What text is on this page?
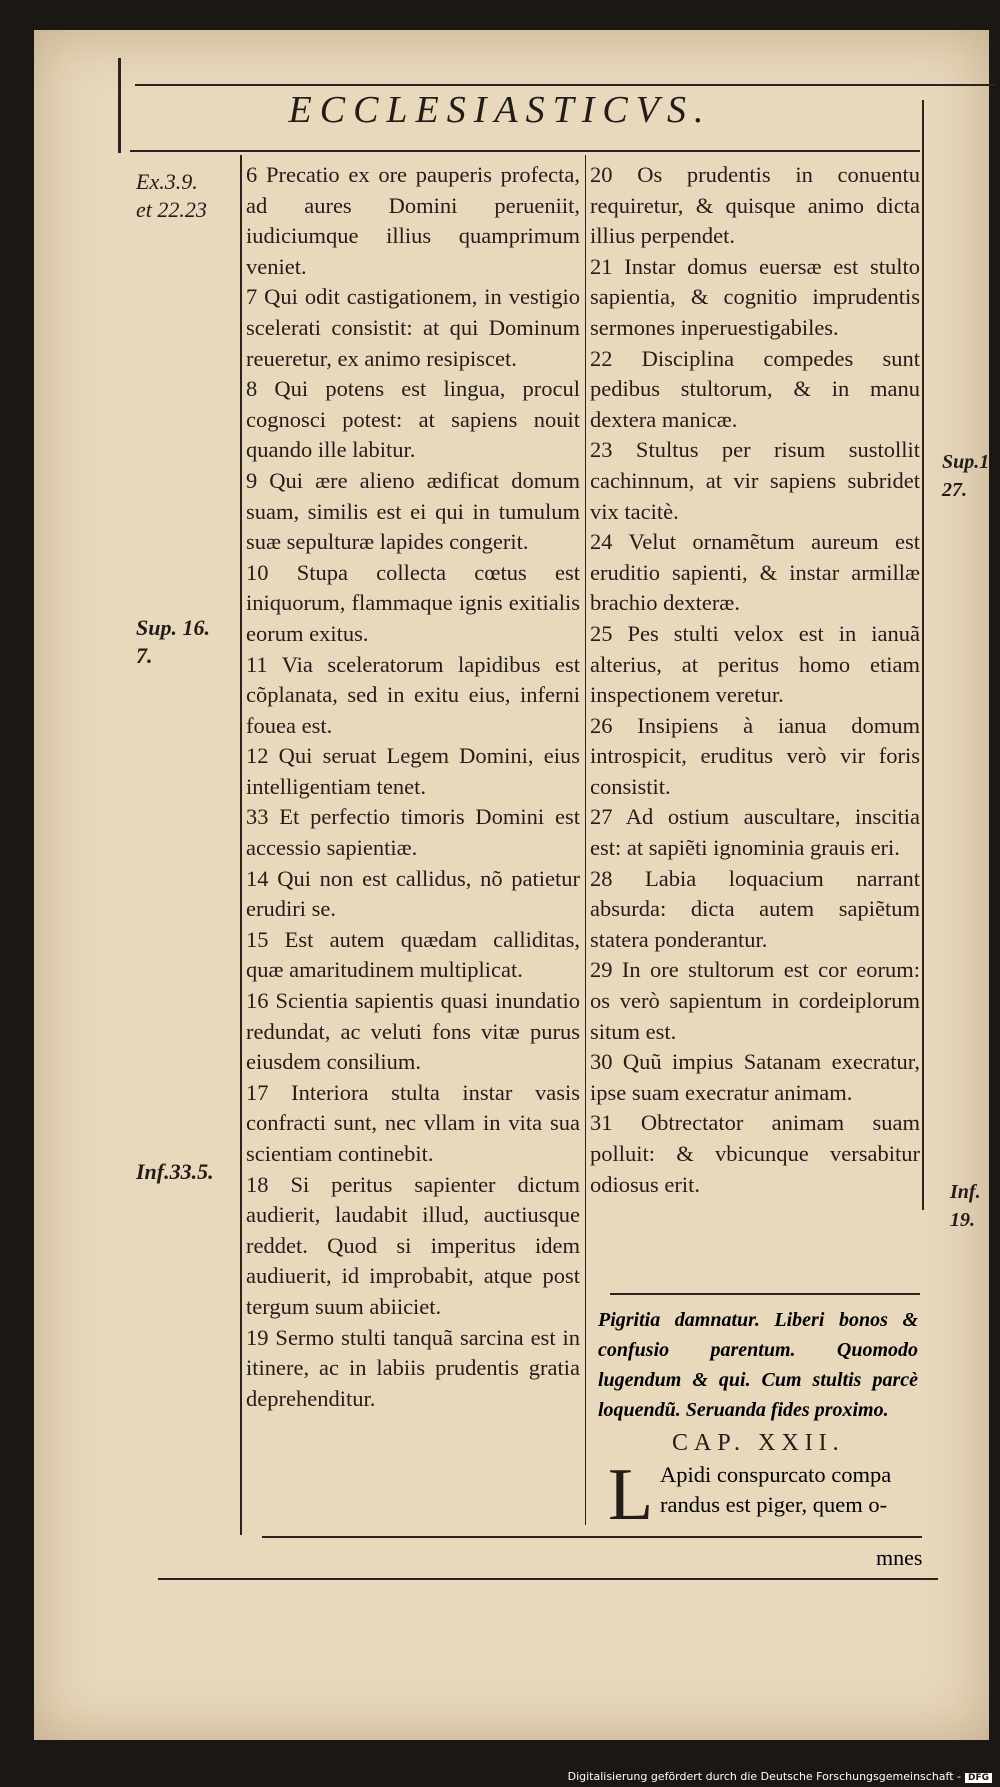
ECCLESIASTICVS.
Ex.3.9.
et 22.23
Sup. 16.
7.
Inf.33.5.
Sup.1
27.
Inf.
19.

6 Precatio ex ore pauperis profecta, ad aures Domini perueniit, iudiciumque illius quamprimum veniet.

7 Qui odit castigationem, in vestigio scelerati consistit: at qui Dominum reueretur, ex animo resipiscet.

8 Qui potens est lingua, procul cognosci potest: at sapiens nouit quando ille labitur.

9 Qui ære alieno ædificat domum suam, similis est ei qui in tumulum suæ sepulturæ lapides congerit.

10 Stupa collecta cœtus est iniquorum, flammaque ignis exitialis eorum exitus.

11 Via sceleratorum lapidibus est cõplanata, sed in exitu eius, inferni fouea est.

12 Qui seruat Legem Domini, eius intelligentiam tenet.

33 Et perfectio timoris Domini est accessio sapientiæ.

14 Qui non est callidus, nõ patietur erudiri se.

15 Est autem quædam calliditas, quæ amaritudinem multiplicat.

16 Scientia sapientis quasi inundatio redundat, ac veluti fons vitæ purus eiusdem consilium.

17 Interiora stulta instar vasis confracti sunt, nec vllam in vita sua scientiam continebit.

18 Si peritus sapienter dictum audierit, laudabit illud, auctiusque reddet. Quod si imperitus idem audiuerit, id improbabit, atque post tergum suum abiiciet.

19 Sermo stulti tanquã sarcina est in itinere, ac in labiis prudentis gratia deprehenditur.

20 Os prudentis in conuentu requiretur, & quisque animo dicta illius perpendet.

21 Instar domus euersæ est stulto sapientia, & cognitio imprudentis sermones inperuestigabiles.

22 Disciplina compedes sunt pedibus stultorum, & in manu dextera manicæ.

23 Stultus per risum sustollit cachinnum, at vir sapiens subridet vix tacitè.

24 Velut ornamẽtum aureum est eruditio sapienti, & instar armillæ brachio dexteræ.

25 Pes stulti velox est in ianuã alterius, at peritus homo etiam inspectionem veretur.

26 Insipiens à ianua domum introspicit, eruditus verò vir foris consistit.

27 Ad ostium auscultare, inscitia est: at sapiẽti ignominia grauis eri.

28 Labia loquacium narrant absurda: dicta autem sapiẽtum statera ponderantur.

29 In ore stultorum est cor eorum: os verò sapientum in cordeiplorum situm est.

30 Quũ impius Satanam execratur, ipse suam execratur animam.

31 Obtrectator animam suam polluit: & vbicunque versabitur odiosus erit.

Pigritia damnatur. Liberi bonos & confusio parentum. Quomodo lugendum & qui. Cum stultis parcè loquendũ. Seruanda fides proximo.
CAP. XXII.
L Apidi conspurcato compa
randus est piger, quem o-
mnes
Digitalisierung gefördert durch die Deutsche Forschungsgemeinschaft - DFG
